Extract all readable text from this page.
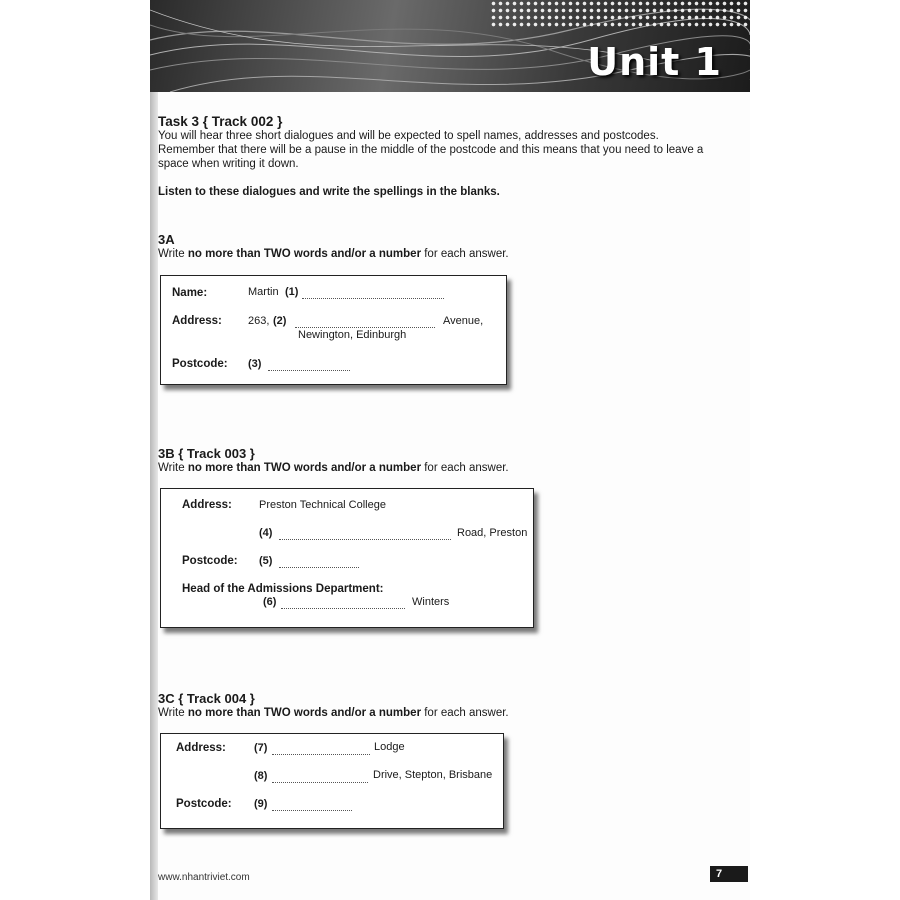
Unit 1

Task 3 { Track 002 }

You will hear three short dialogues and will be expected to spell names, addresses and postcodes.

Remember that there will be a pause in the middle of the postcode and this means that you need to leave a

space when writing it down.

Listen to these dialogues and write the spellings in the blanks.

3A

Write no more than TWO words and/or a number for each answer.

Name:	Martin (1)
Address: 263, (2)	Avenue,
Newington, Edinburgh
Postcode: (3)

3B { Track 003 }

Write no more than TWO words and/or a number for each answer.

Address: Preston Technical College
(4)	Road, Preston
Postcode: (5)
Head of the Admissions Department:
(6)	Winters

3C { Track 004 }

Write no more than TWO words and/or a number for each answer.

Address:	(7)	Lodge
(8)	Drive, Stepton, Brisbane
Postcode: (9)
www.nhantriviet.com	7
